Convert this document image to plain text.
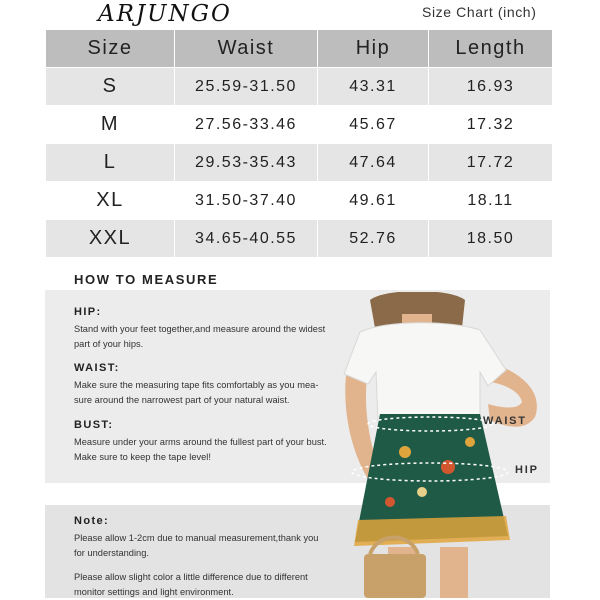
ARJUNGO	Size Chart (inch)
Size	Waist	Hip	Length
S	25.59-31.50	43.31	16.93
M	27.56-33.46	45.67	17.32
L	29.53-35.43	47.64	17.72
XL	31.50-37.40	49.61	18.11
XXL	34.65-40.55	52.76	18.50
HOW TO MEASURE
HIP:
Stand with your feet together,and measure around the widest
part of your hips.
WAIST:
Make sure the measuring tape fits comfortably as you mea-
sure around the narrowest part of your natural waist.
BUST:
Measure under your arms around the fullest part of your bust.
Make sure to keep the tape level!
Note:
Please allow 1-2cm due to manual measurement,thank you
for understanding.
Please allow slight color a little difference due to different
monitor settings and light environment.
WAIST
HIP
